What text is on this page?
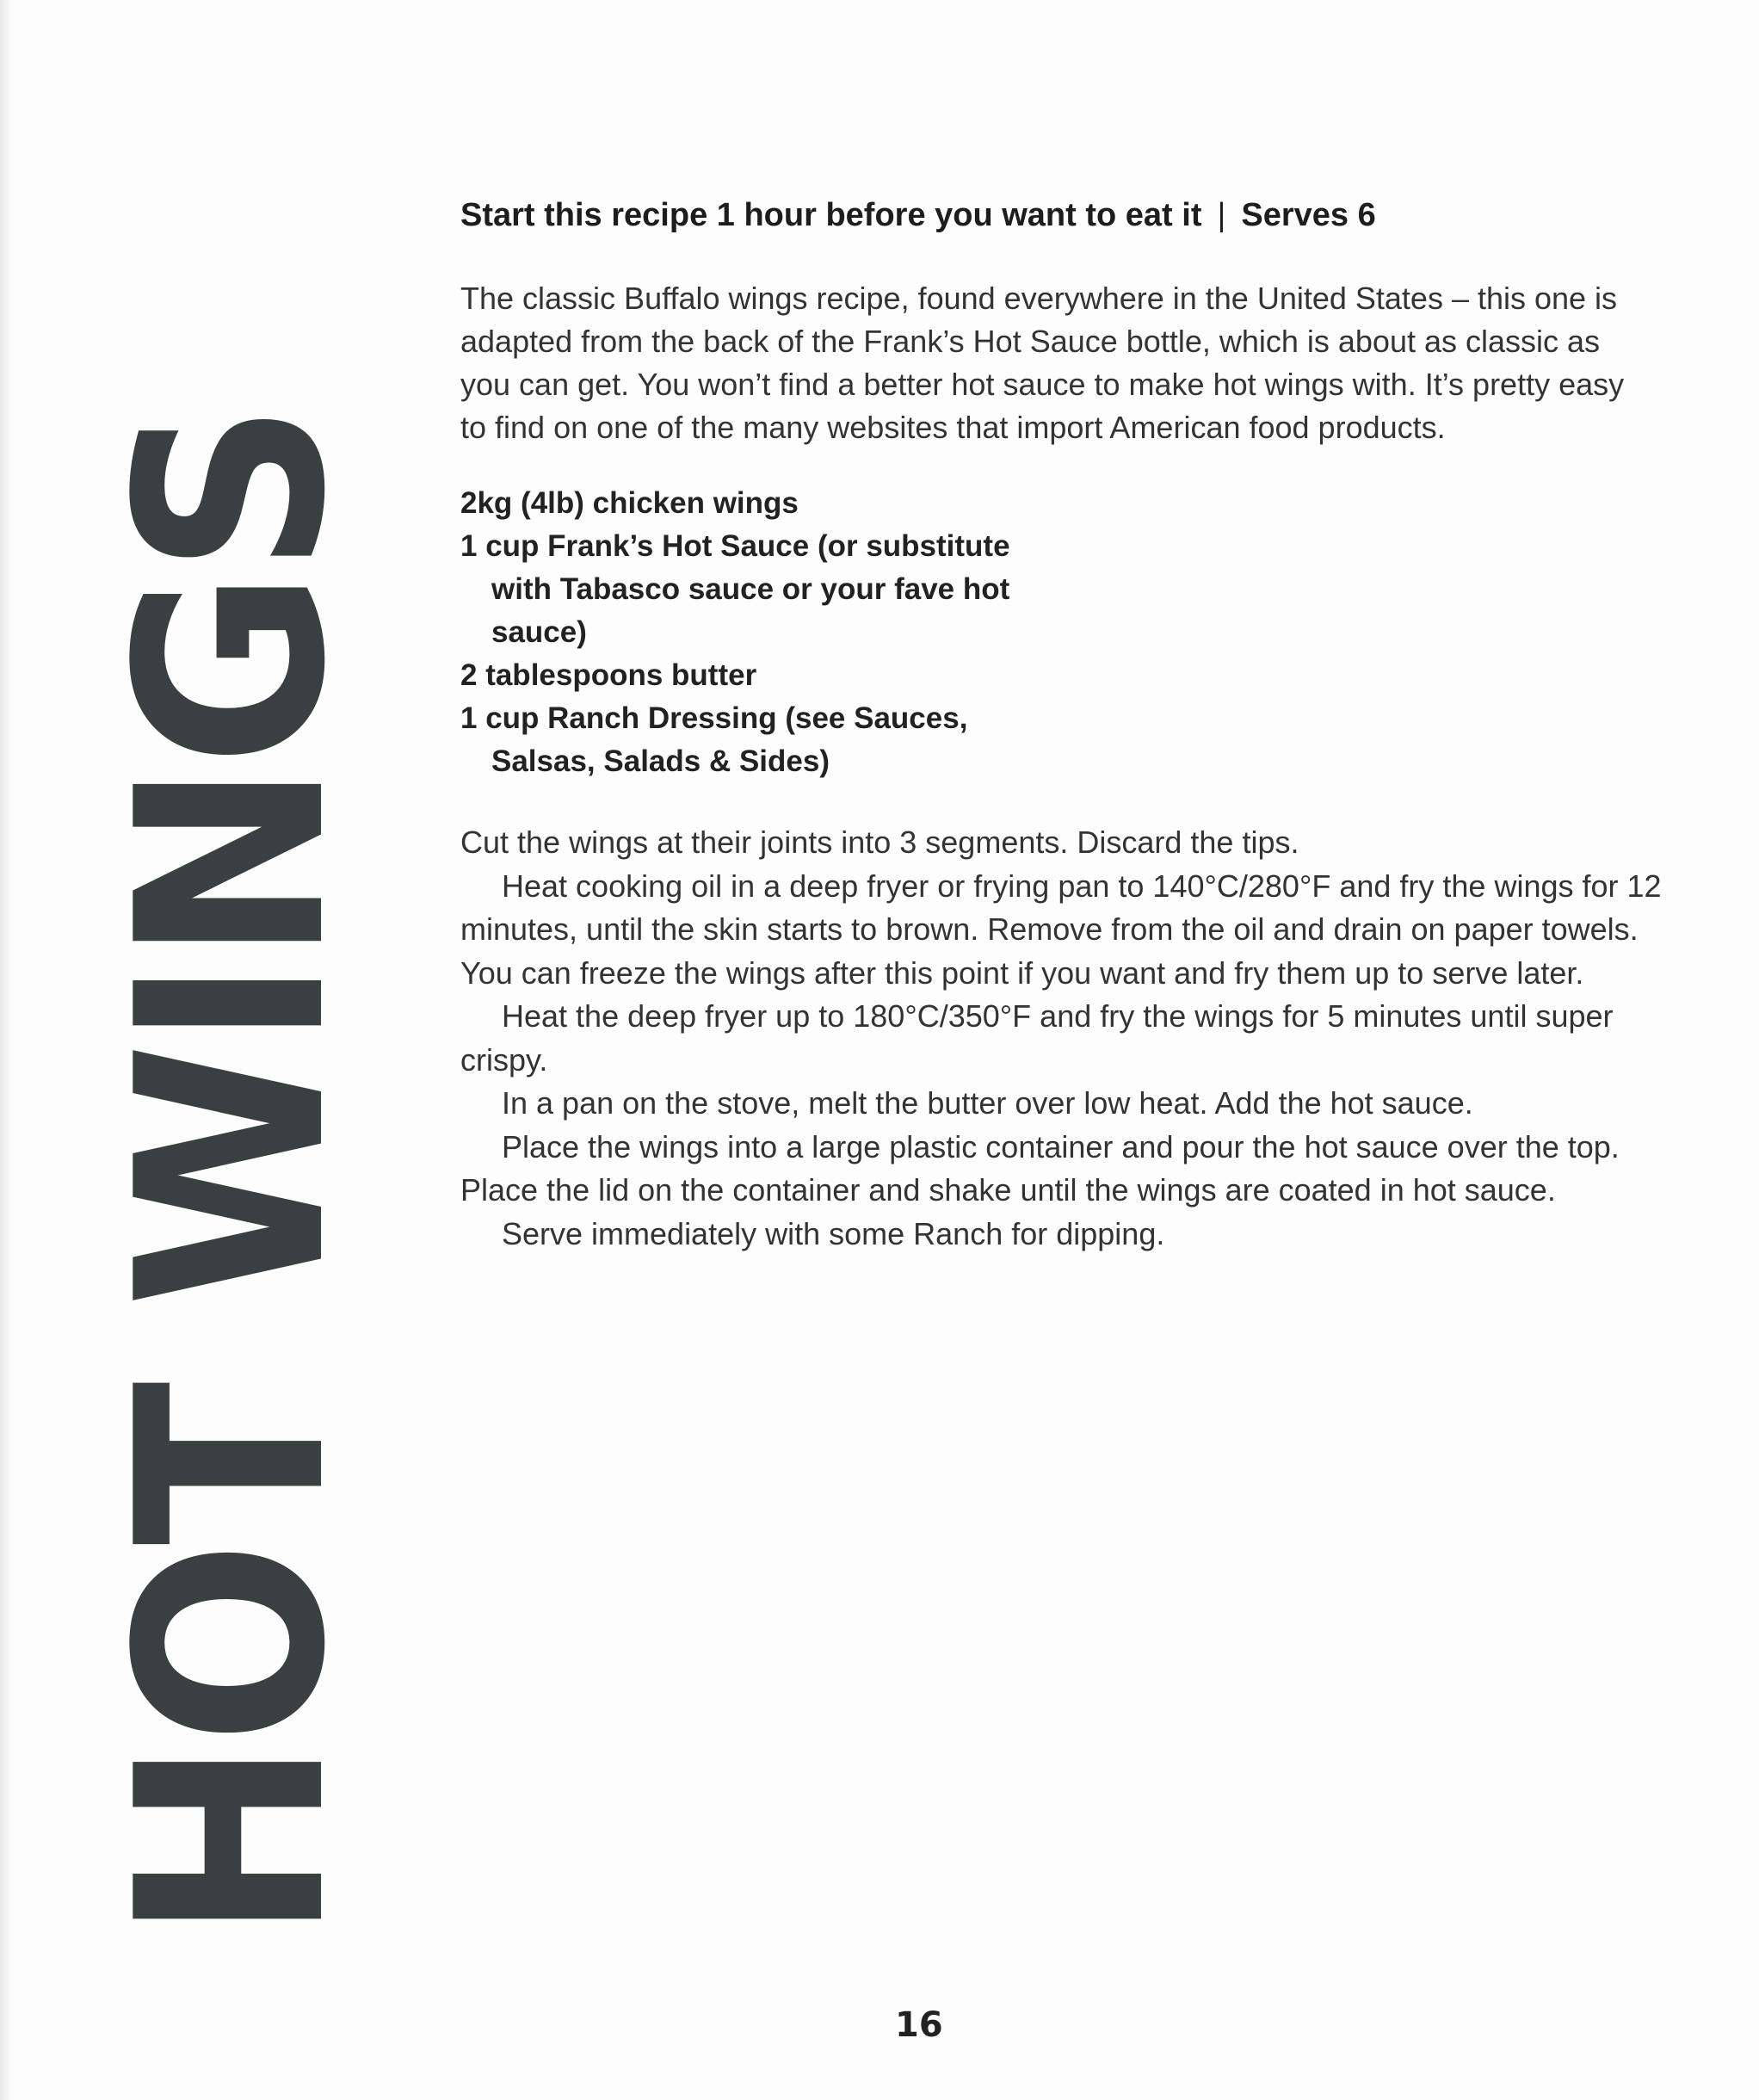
HOT WINGS

Start this recipe 1 hour before you want to eat it | Serves 6

The classic Buffalo wings recipe, found everywhere in the United States – this one is adapted from the back of the Frank’s Hot Sauce bottle, which is about as classic as you can get. You won’t find a better hot sauce to make hot wings with. It’s pretty easy to find on one of the many websites that import American food products.

2kg (4lb) chicken wings
1 cup Frank’s Hot Sauce (or substitute with Tabasco sauce or your fave hot sauce)
2 tablespoons butter
1 cup Ranch Dressing (see Sauces, Salsas, Salads & Sides)

Cut the wings at their joints into 3 segments. Discard the tips.

Heat cooking oil in a deep fryer or frying pan to 140°C/280°F and fry the wings for 12 minutes, until the skin starts to brown. Remove from the oil and drain on paper towels. You can freeze the wings after this point if you want and fry them up to serve later.

Heat the deep fryer up to 180°C/350°F and fry the wings for 5 minutes until super crispy.

In a pan on the stove, melt the butter over low heat. Add the hot sauce.

Place the wings into a large plastic container and pour the hot sauce over the top. Place the lid on the container and shake until the wings are coated in hot sauce.

Serve immediately with some Ranch for dipping.

16
